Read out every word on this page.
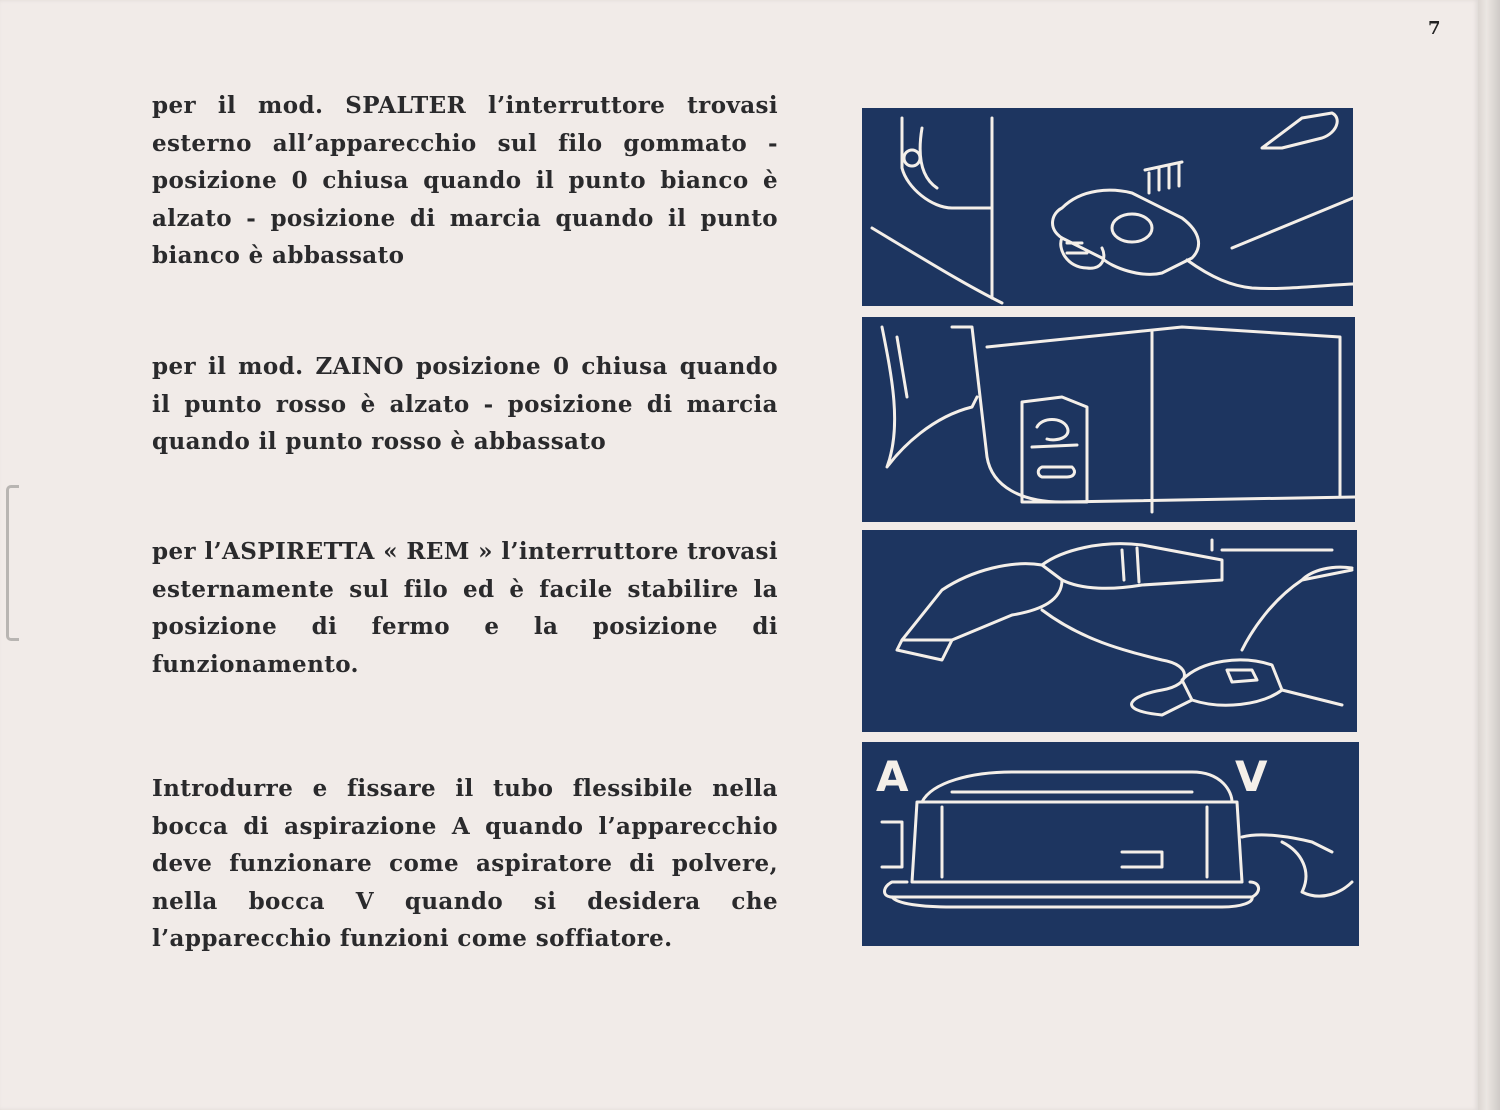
7
per il mod. SPALTER l’interruttore trovasi esterno all’apparecchio sul filo gommato - posizione 0 chiusa quando il punto bianco è alzato - posizione di marcia quando il punto bianco è abbassato
per il mod. ZAINO posizione 0 chiusa quando il punto rosso è alzato - posizione di marcia quando il punto rosso è abbassato
per l’ASPIRETTA « REM » l’interruttore trovasi esternamente sul filo ed è facile stabilire la posizione di fermo e la posizione di funzionamento.
Introdurre e fissare il tubo flessibile nella bocca di aspirazione A quando l’apparecchio deve funzionare come aspiratore di polvere, nella bocca V quando si desidera che l’apparecchio funzioni come soffiatore.
A	V
